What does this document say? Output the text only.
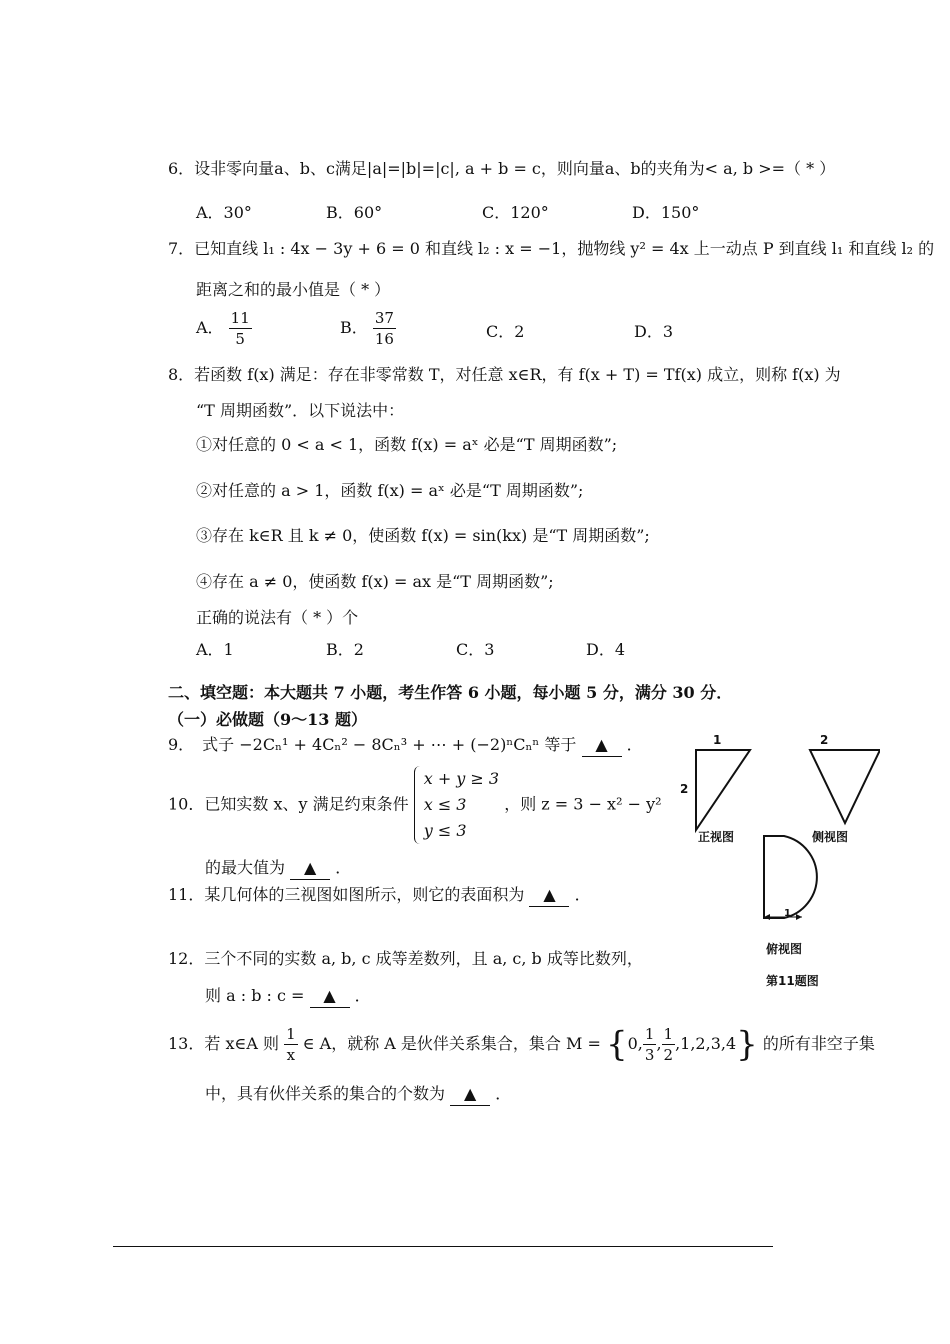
6．设非零向量a、b、c满足|a|=|b|=|c|, a + b = c，则向量a、b的夹角为< a, b >=（ * ）
A．30°	B．60°	C．120°	D．150°
7．已知直线 l₁ : 4x − 3y + 6 = 0 和直线 l₂ : x = −1，抛物线 y² = 4x 上一动点 P 到直线 l₁ 和直线 l₂ 的
距离之和的最小值是（ * ）
A． $\frac{11}{5}$	B． $\frac{37}{16}$	C．2	D．3
8．若函数 f(x) 满足：存在非零常数 T，对任意 x∈R，有 f(x + T) = Tf(x) 成立，则称 f(x) 为
“T 周期函数”．以下说法中：
①对任意的 0 < a < 1，函数 f(x) = aˣ 必是“T 周期函数”;
②对任意的 a > 1，函数 f(x) = aˣ 必是“T 周期函数”;
③存在 k∈R 且 k ≠ 0，使函数 f(x) = sin(kx) 是“T 周期函数”;
④存在 a ≠ 0，使函数 f(x) = ax 是“T 周期函数”;
正确的说法有（ * ）个
A．1	B．2	C．3	D．4
二、填空题：本大题共 7 小题，考生作答 6 小题，每小题 5 分，满分 30 分．
（一）必做题（9～13 题）
9．　式子 −2Cₙ¹ + 4Cₙ² − 8Cₙ³ + ⋯ + (−2)ⁿCₙⁿ 等于 ▲ ．
10．已知实数 x、y 满足约束条件
x + y ≥ 3
x ≤ 3
y ≤ 3
，则 z = 3 − x² − y²
的最大值为 ▲ ．
11．某几何体的三视图如图所示，则它的表面积为 ▲ ．
12．三个不同的实数 a, b, c 成等差数列，且 a, c, b 成等比数列，
则 a : b : c = ▲ ．
13．若 x∈A 则 $\frac{1}{x}$ ∈ A，就称 A 是伙伴关系集合，集合 M = {0, $\frac{1}{3}$ , $\frac{1}{2} ,1,2,3,4$} 的所有非空子集
中，具有伙伴关系的集合的个数为 ▲ ．
1
2
2
正视图	侧视图
1
俯视图
第11题图
